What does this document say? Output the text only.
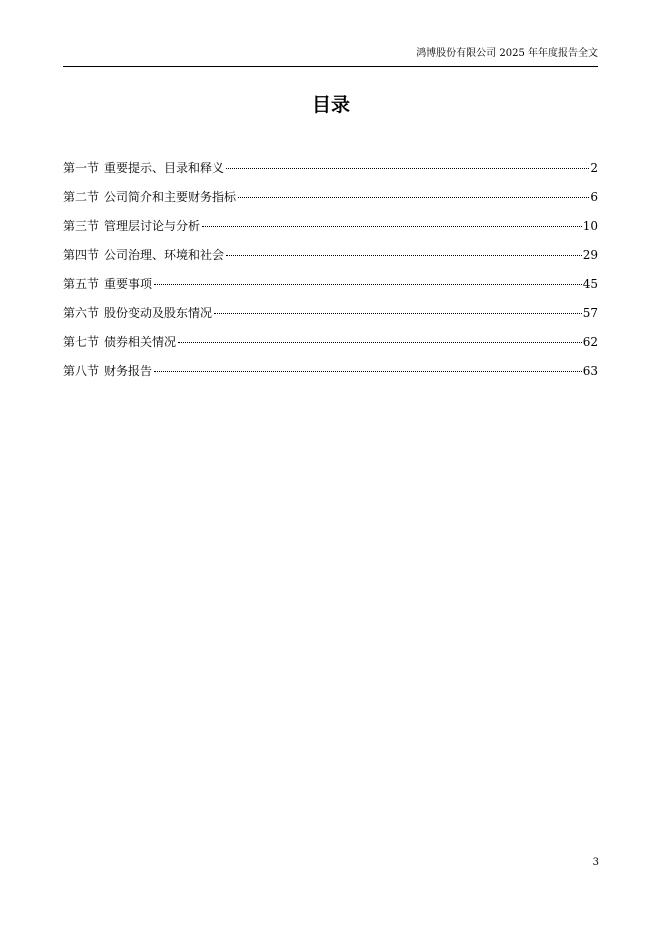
鸿博股份有限公司 2025 年年度报告全文
目录
第一节 重要提示、目录和释义	2
第二节 公司简介和主要财务指标	6
第三节 管理层讨论与分析	10
第四节 公司治理、环境和社会	29
第五节 重要事项	45
第六节 股份变动及股东情况	57
第七节 债券相关情况	62
第八节 财务报告	63
3
